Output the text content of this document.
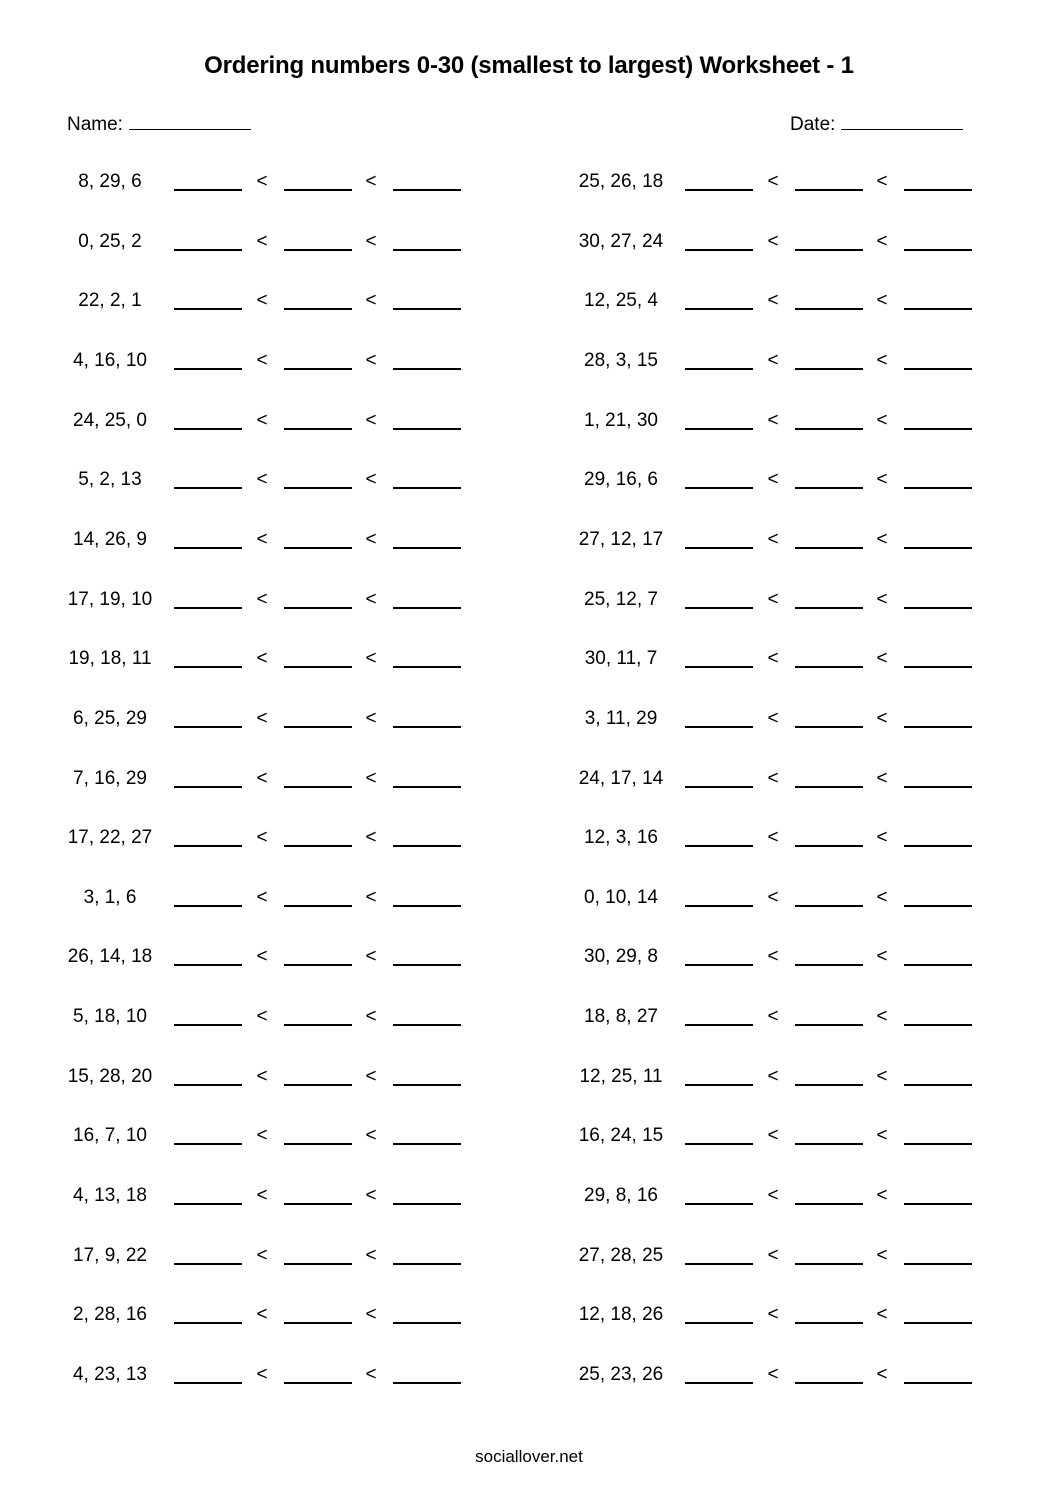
Ordering numbers 0-30 (smallest to largest) Worksheet - 1
Name:	Date:
8, 29, 6	<	<
0, 25, 2	<	<
22, 2, 1	<	<
4, 16, 10	<	<
24, 25, 0	<	<
5, 2, 13	<	<
14, 26, 9	<	<
17, 19, 10	<	<
19, 18, 11	<	<
6, 25, 29	<	<
7, 16, 29	<	<
17, 22, 27	<	<
3, 1, 6	<	<
26, 14, 18	<	<
5, 18, 10	<	<
15, 28, 20	<	<
16, 7, 10	<	<
4, 13, 18	<	<
17, 9, 22	<	<
2, 28, 16	<	<
4, 23, 13	<	<
25, 26, 18	<	<
30, 27, 24	<	<
12, 25, 4	<	<
28, 3, 15	<	<
1, 21, 30	<	<
29, 16, 6	<	<
27, 12, 17	<	<
25, 12, 7	<	<
30, 11, 7	<	<
3, 11, 29	<	<
24, 17, 14	<	<
12, 3, 16	<	<
0, 10, 14	<	<
30, 29, 8	<	<
18, 8, 27	<	<
12, 25, 11	<	<
16, 24, 15	<	<
29, 8, 16	<	<
27, 28, 25	<	<
12, 18, 26	<	<
25, 23, 26	<	<
sociallover.net
